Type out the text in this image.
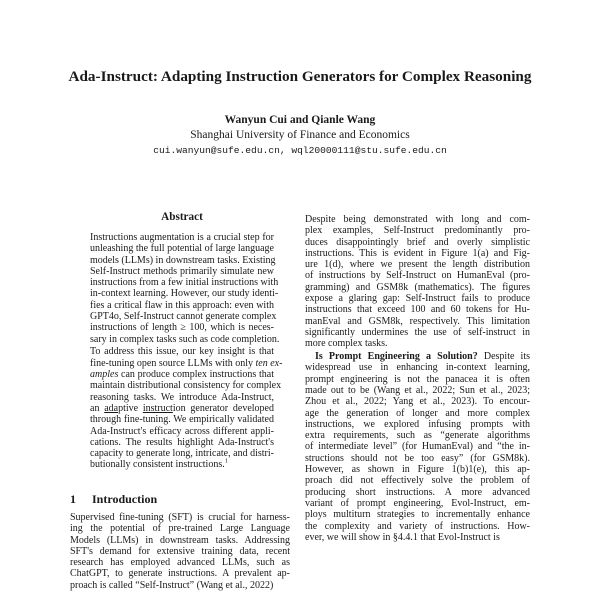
Ada-Instruct: Adapting Instruction Generators for Complex Reasoning
Wanyun Cui and Qianle Wang
Shanghai University of Finance and Economics
cui.wanyun@sufe.edu.cn, wql20000111@stu.sufe.edu.cn
Abstract
Instructions augmentation is a crucial step for
unleashing the full potential of large language
models (LLMs) in downstream tasks. Existing
Self-Instruct methods primarily simulate new
instructions from a few initial instructions with
in-context learning. However, our study identi-
fies a critical flaw in this approach: even with
GPT4o, Self-Instruct cannot generate complex
instructions of length ≥ 100, which is neces-
sary in complex tasks such as code completion.
To address this issue, our key insight is that
fine-tuning open source LLMs with only ten ex-
amples can produce complex instructions that
maintain distributional consistency for complex
reasoning tasks. We introduce Ada-Instruct,
an adaptive instruction generator developed
through fine-tuning. We empirically validated
Ada-Instruct's efficacy across different appli-
cations. The results highlight Ada-Instruct's
capacity to generate long, intricate, and distri-
butionally consistent instructions.$^1$
1 Introduction
Supervised fine-tuning (SFT) is crucial for harness-
ing the potential of pre-trained Large Language
Models (LLMs) in downstream tasks. Addressing
SFT's demand for extensive training data, recent
research has employed advanced LLMs, such as
ChatGPT, to generate instructions. A prevalent ap-
proach is called “Self-Instruct” (Wang et al., 2022)
Despite being demonstrated with long and com-
plex examples, Self-Instruct predominantly pro-
duces disappointingly brief and overly simplistic
instructions. This is evident in Figure 1(a) and Fig-
ure 1(d), where we present the length distribution
of instructions by Self-Instruct on HumanEval (pro-
gramming) and GSM8k (mathematics). The figures
expose a glaring gap: Self-Instruct fails to produce
instructions that exceed 100 and 60 tokens for Hu-
manEval and GSM8k, respectively. This limitation
significantly undermines the use of self-instruct in
more complex tasks.
Is Prompt Engineering a Solution? Despite its
widespread use in enhancing in-context learning,
prompt engineering is not the panacea it is often
made out to be (Wang et al., 2022; Sun et al., 2023;
Zhou et al., 2022; Yang et al., 2023). To encour-
age the generation of longer and more complex
instructions, we explored infusing prompts with
extra requirements, such as “generate algorithms
of intermediate level” (for HumanEval) and “the in-
structions should not be too easy” (for GSM8k).
However, as shown in Figure 1(b)1(e), this ap-
proach did not effectively solve the problem of
producing short instructions. A more advanced
variant of prompt engineering, Evol-Instruct, em-
ploys multiturn strategies to incrementally enhance
the complexity and variety of instructions. How-
ever, we will show in §4.4.1 that Evol-Instruct is
